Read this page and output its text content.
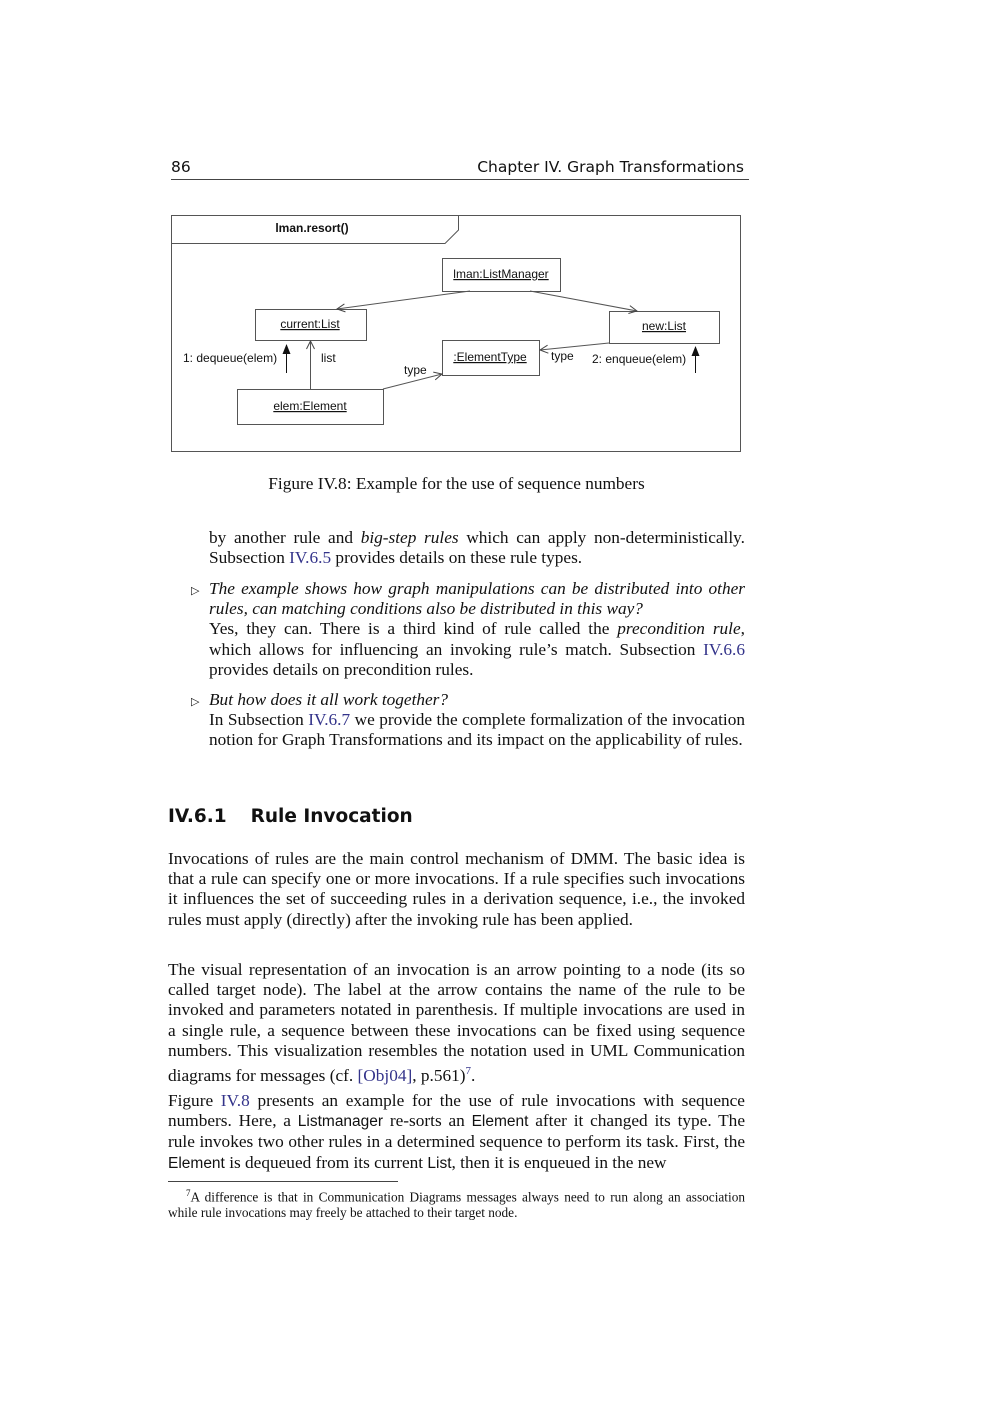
86	Chapter IV. Graph Transformations
lman.resort()
lman:ListManager
current:List	new:List
:ElementType
elem:Element
1: dequeue(elem)	list
type
type 2: enqueue(elem)
Figure IV.8: Example for the use of sequence numbers
by another rule and big-step rules which can apply non-deterministically. Subsection IV.6.5 provides details on these rule types.
▷ The example shows how graph manipulations can be distributed into other rules, can matching conditions also be distributed in this way?
Yes, they can. There is a third kind of rule called the precondition rule, which allows for influencing an invoking rule’s match. Subsection IV.6.6 provides details on precondition rules.
▷ But how does it all work together?
In Subsection IV.6.7 we provide the complete formalization of the invocation notion for Graph Transformations and its impact on the applicability of rules.
IV.6.1 Rule Invocation
Invocations of rules are the main control mechanism of DMM. The basic idea is that a rule can specify one or more invocations. If a rule specifies such invocations it influences the set of succeeding rules in a derivation sequence, i.e., the invoked rules must apply (directly) after the invoking rule has been applied.
The visual representation of an invocation is an arrow pointing to a node (its so called target node). The label at the arrow contains the name of the rule to be invoked and parameters notated in parenthesis. If multiple invocations are used in a single rule, a sequence between these invocations can be fixed using sequence numbers. This visualization resembles the notation used in UML Communication diagrams for messages (cf. [Obj04], p.561)$^7$.
Figure IV.8 presents an example for the use of rule invocations with sequence numbers. Here, a Listmanager re-sorts an Element after it changed its type. The rule invokes two other rules in a determined sequence to perform its task. First, the Element is dequeued from its current List, then it is enqueued in the new
$^7$A difference is that in Communication Diagrams messages always need to run along an association while rule invocations may freely be attached to their target node.
